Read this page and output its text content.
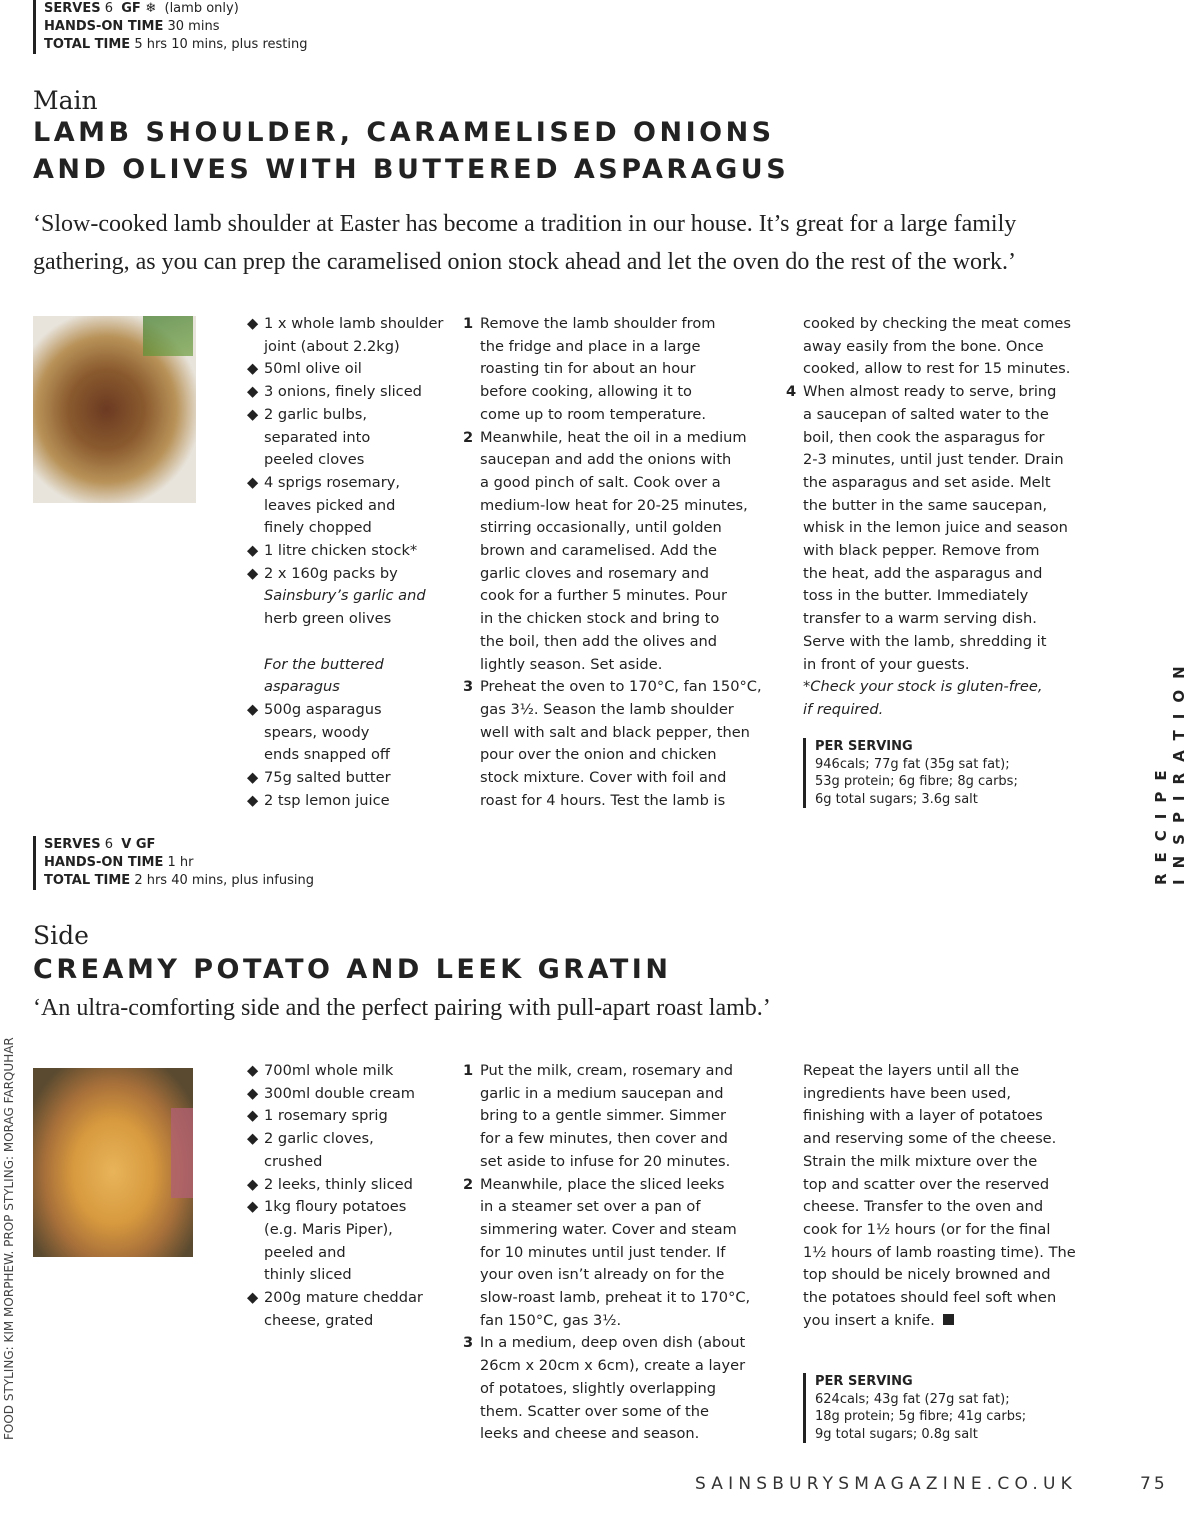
SERVES 6 GF ❄ (lamb only)
HANDS-ON TIME 30 mins
TOTAL TIME 5 hrs 10 mins, plus resting
Main
LAMB SHOULDER, CARAMELISED ONIONS
AND OLIVES WITH BUTTERED ASPARAGUS
‘Slow-cooked lamb shoulder at Easter has become a tradition in our house. It’s great for a large family
gathering, as you can prep the caramelised onion stock ahead and let the oven do the rest of the work.’
◆ 1 x whole lamb shoulder
joint (about 2.2kg)
◆ 50ml olive oil
◆ 3 onions, finely sliced
◆ 2 garlic bulbs,
separated into
peeled cloves
◆ 4 sprigs rosemary,
leaves picked and
finely chopped
◆ 1 litre chicken stock*
◆ 2 x 160g packs by
Sainsbury’s garlic and
herb green olives

For the buttered
asparagus
◆ 500g asparagus
spears, woody
ends snapped off
◆ 75g salted butter
◆ 2 tsp lemon juice
1 Remove the lamb shoulder from
the fridge and place in a large
roasting tin for about an hour
before cooking, allowing it to
come up to room temperature.
2 Meanwhile, heat the oil in a medium
saucepan and add the onions with
a good pinch of salt. Cook over a
medium-low heat for 20-25 minutes,
stirring occasionally, until golden
brown and caramelised. Add the
garlic cloves and rosemary and
cook for a further 5 minutes. Pour
in the chicken stock and bring to
the boil, then add the olives and
lightly season. Set aside.
3 Preheat the oven to 170°C, fan 150°C,
gas 3½. Season the lamb shoulder
well with salt and black pepper, then
pour over the onion and chicken
stock mixture. Cover with foil and
roast for 4 hours. Test the lamb is
cooked by checking the meat comes
away easily from the bone. Once
cooked, allow to rest for 15 minutes.
4 When almost ready to serve, bring
a saucepan of salted water to the
boil, then cook the asparagus for
2-3 minutes, until just tender. Drain
the asparagus and set aside. Melt
the butter in the same saucepan,
whisk in the lemon juice and season
with black pepper. Remove from
the heat, add the asparagus and
toss in the butter. Immediately
transfer to a warm serving dish.
Serve with the lamb, shredding it
in front of your guests.
*Check your stock is gluten-free,
if required.
PER SERVING
946cals; 77g fat (35g sat fat);
53g protein; 6g fibre; 8g carbs;
6g total sugars; 3.6g salt
SERVES 6 V GF
HANDS-ON TIME 1 hr
TOTAL TIME 2 hrs 40 mins, plus infusing
Side
CREAMY POTATO AND LEEK GRATIN
‘An ultra-comforting side and the perfect pairing with pull-apart roast lamb.’
◆ 700ml whole milk
◆ 300ml double cream
◆ 1 rosemary sprig
◆ 2 garlic cloves,
crushed
◆ 2 leeks, thinly sliced
◆ 1kg floury potatoes
(e.g. Maris Piper),
peeled and
thinly sliced
◆ 200g mature cheddar
cheese, grated
1 Put the milk, cream, rosemary and
garlic in a medium saucepan and
bring to a gentle simmer. Simmer
for a few minutes, then cover and
set aside to infuse for 20 minutes.
2 Meanwhile, place the sliced leeks
in a steamer set over a pan of
simmering water. Cover and steam
for 10 minutes until just tender. If
your oven isn’t already on for the
slow-roast lamb, preheat it to 170°C,
fan 150°C, gas 3½.
3 In a medium, deep oven dish (about
26cm x 20cm x 6cm), create a layer
of potatoes, slightly overlapping
them. Scatter over some of the
leeks and cheese and season.
Repeat the layers until all the
ingredients have been used,
finishing with a layer of potatoes
and reserving some of the cheese.
Strain the milk mixture over the
top and scatter over the reserved
cheese. Transfer to the oven and
cook for 1½ hours (or for the final
1½ hours of lamb roasting time). The
top should be nicely browned and
the potatoes should feel soft when
you insert a knife.
PER SERVING
624cals; 43g fat (27g sat fat);
18g protein; 5g fibre; 41g carbs;
9g total sugars; 0.8g salt
RECIPE INSPIRATION
FOOD STYLING: KIM MORPHEW. PROP STYLING: MORAG FARQUHAR
SAINSBURYSMAGAZINE.CO.UK	75
